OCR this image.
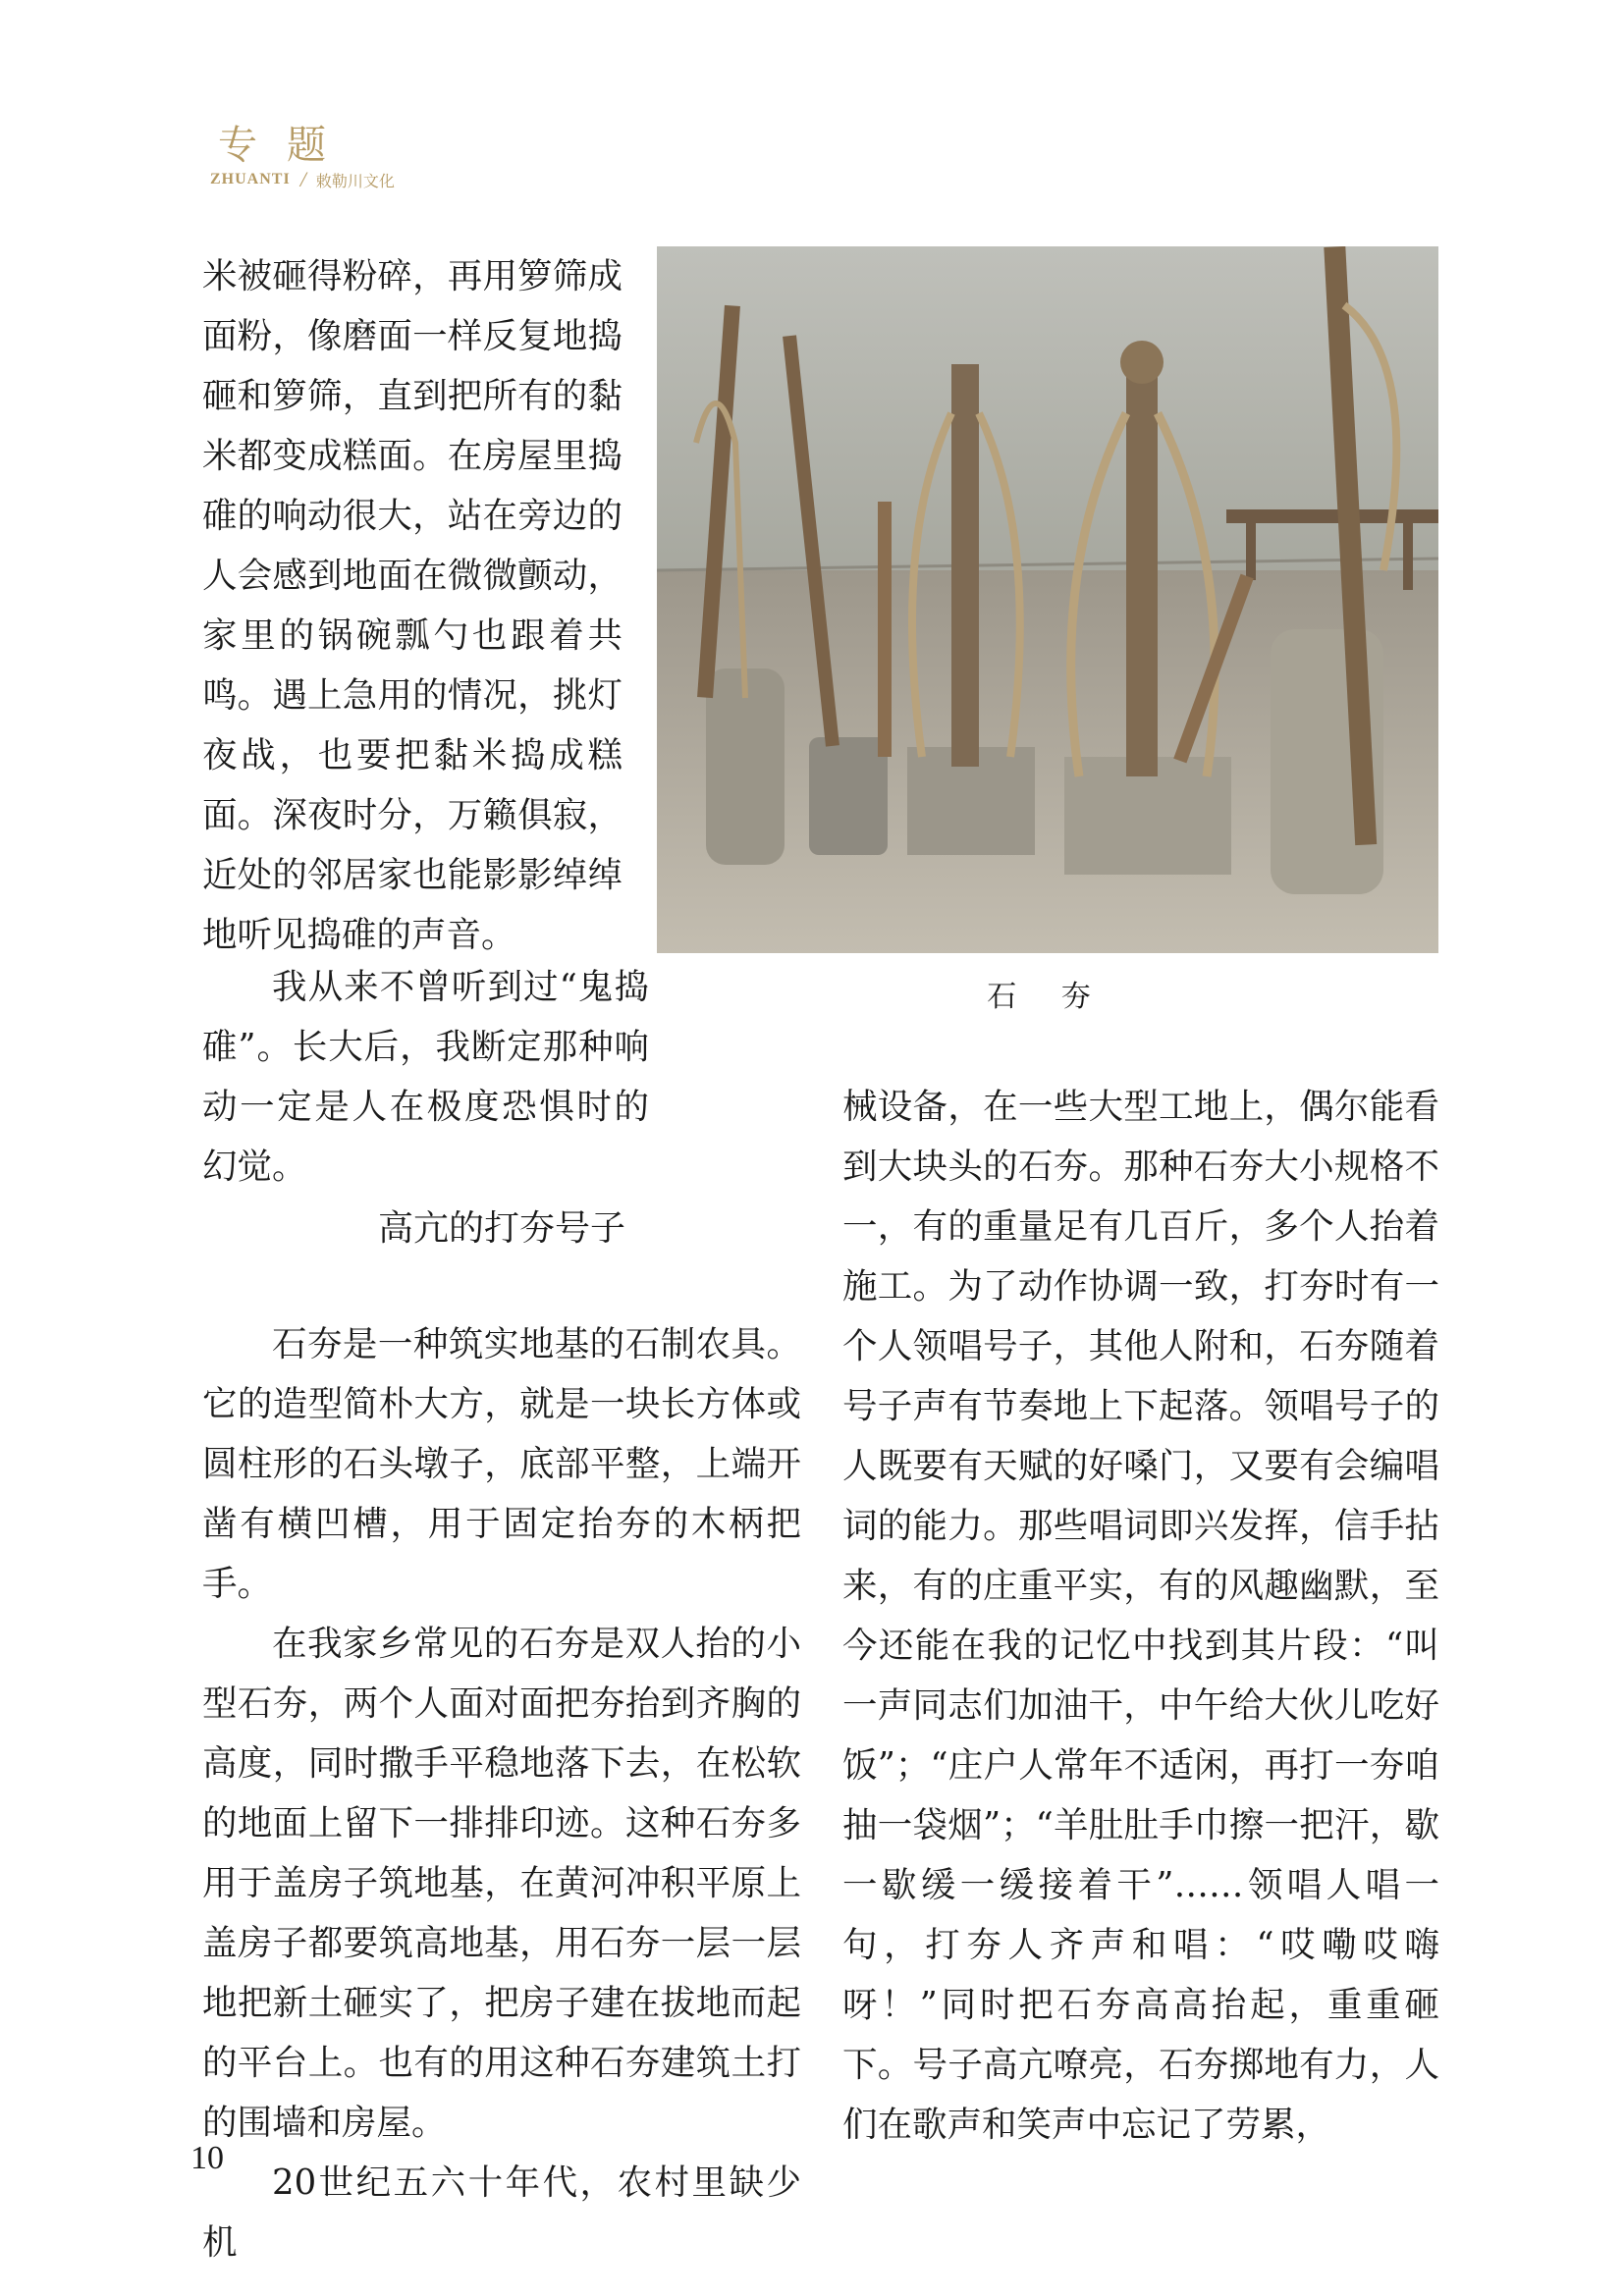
专题
ZHUANTI / 敕勒川文化

米被砸得粉碎，再用箩筛成面粉，像磨面一样反复地捣砸和箩筛，直到把所有的黏米都变成糕面。在房屋里捣碓的响动很大，站在旁边的人会感到地面在微微颤动，家里的锅碗瓢勺也跟着共鸣。遇上急用的情况，挑灯夜战，也要把黏米捣成糕面。深夜时分，万籁俱寂，近处的邻居家也能影影绰绰地听见捣碓的声音。

我从来不曾听到过“鬼捣碓”。长大后，我断定那种响动一定是人在极度恐惧时的幻觉。

高亢的打夯号子

石夯是一种筑实地基的石制农具。它的造型简朴大方，就是一块长方体或圆柱形的石头墩子，底部平整，上端开凿有横凹槽，用于固定抬夯的木柄把手。

在我家乡常见的石夯是双人抬的小型石夯，两个人面对面把夯抬到齐胸的高度，同时撒手平稳地落下去，在松软的地面上留下一排排印迹。这种石夯多用于盖房子筑地基，在黄河冲积平原上盖房子都要筑高地基，用石夯一层一层地把新土砸实了，把房子建在拔地而起的平台上。也有的用这种石夯建筑土打的围墙和房屋。

20世纪五六十年代，农村里缺少机

械设备，在一些大型工地上，偶尔能看到大块头的石夯。那种石夯大小规格不一，有的重量足有几百斤，多个人抬着施工。为了动作协调一致，打夯时有一个人领唱号子，其他人附和，石夯随着号子声有节奏地上下起落。领唱号子的人既要有天赋的好嗓门，又要有会编唱词的能力。那些唱词即兴发挥，信手拈来，有的庄重平实，有的风趣幽默，至今还能在我的记忆中找到其片段：“叫一声同志们加油干，中午给大伙儿吃好饭”；“庄户人常年不适闲，再打一夯咱抽一袋烟”；“羊肚肚手巾擦一把汗，歇一歇缓一缓接着干”……领唱人唱一句，打夯人齐声和唱：“哎嘞哎嗨呀！”同时把石夯高高抬起，重重砸下。号子高亢嘹亮，石夯掷地有力，人们在歌声和笑声中忘记了劳累，

石 夯
10
